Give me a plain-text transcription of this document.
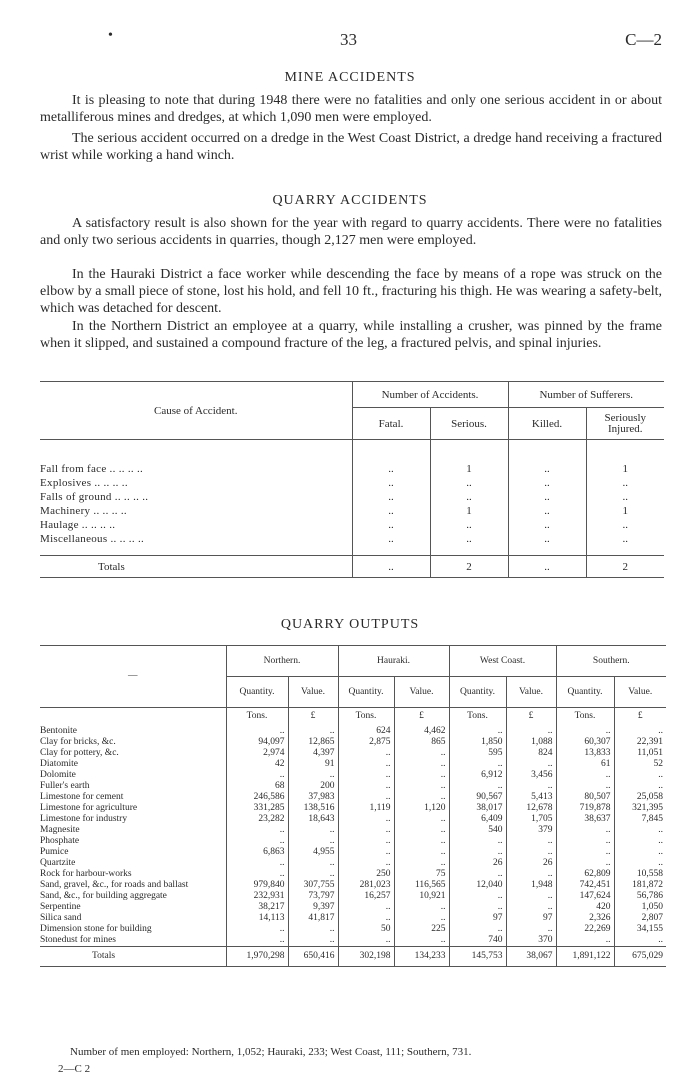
•	33	C—2
MINE ACCIDENTS

It is pleasing to note that during 1948 there were no fatalities and only one serious accident in or about metalliferous mines and dredges, at which 1,090 men were employed.

The serious accident occurred on a dredge in the West Coast District, a dredge hand receiving a fractured wrist while working a hand winch.

QUARRY ACCIDENTS

A satisfactory result is also shown for the year with regard to quarry accidents. There were no fatalities and only two serious accidents in quarries, though 2,127 men were employed.

In the Hauraki District a face worker while descending the face by means of a rope was struck on the elbow by a small piece of stone, lost his hold, and fell 10 ft., fracturing his thigh. He was wearing a safety-belt, which was detached for descent.

In the Northern District an employee at a quarry, while installing a crusher, was pinned by the frame when it slipped, and sustained a compound fracture of the leg, a fractured pelvis, and spinal injuries.

Cause of Accident.	Number of Accidents.		Number of Sufferers.	
	Fatal.	Serious.	Killed.	Seriously Injured.

Fall from face .. .. .. ..	..	1	..	1
Explosives .. .. .. ..	..	..	..	..
Falls of ground .. .. .. ..	..	..	..	..
Machinery .. .. .. ..	..	1	..	1
Haulage .. .. .. ..	..	..	..	..
Miscellaneous .. .. .. ..	..	..	..	..

Totals	..	2	..	2
QUARRY OUTPUTS
—	Northern.		Hauraki.		West Coast.		Southern.	
	Quantity.	Value.	Quantity.	Value.	Quantity.	Value.	Quantity.	Value.
	Tons.	£	Tons.	£	Tons.	£	Tons.	£
Bentonite	..	..	624	4,462	..	..	..	..
Clay for bricks, &c.	94,097	12,865	2,875	865	1,850	1,088	60,307	22,391
Clay for pottery, &c.	2,974	4,397	..	..	595	824	13,833	11,051
Diatomite	42	91	..	..	..	..	61	52
Dolomite	..	..	..	..	6,912	3,456	..	..
Fuller's earth	68	200	..	..	..	..	..	..
Limestone for cement	246,586	37,983	..	..	90,567	5,413	80,507	25,058
Limestone for agriculture	331,285	138,516	1,119	1,120	38,017	12,678	719,878	321,395
Limestone for industry	23,282	18,643	..	..	6,409	1,705	38,637	7,845
Magnesite	..	..	..	..	540	379	..	..
Phosphate	..	..	..	..	..	..	..	..
Pumice	6,863	4,955	..	..	..	..	..	..
Quartzite	..	..	..	..	26	26	..	..
Rock for harbour-works	..	..	250	75	..	..	62,809	10,558
Sand, gravel, &c., for roads and ballast	979,840	307,755	281,023	116,565	12,040	1,948	742,451	181,872
Sand, &c., for building aggregate	232,931	73,797	16,257	10,921	..	..	147,624	56,786
Serpentine	38,217	9,397	..	..	..	..	420	1,050
Silica sand	14,113	41,817	..	..	97	97	2,326	2,807
Dimension stone for building	..	..	50	225	..	..	22,269	34,155
Stonedust for mines	..	..	..	..	740	370	..	..
Totals	1,970,298	650,416	302,198	134,233	145,753	38,067	1,891,122	675,029
Number of men employed: Northern, 1,052; Hauraki, 233; West Coast, 111; Southern, 731.
2—C 2
